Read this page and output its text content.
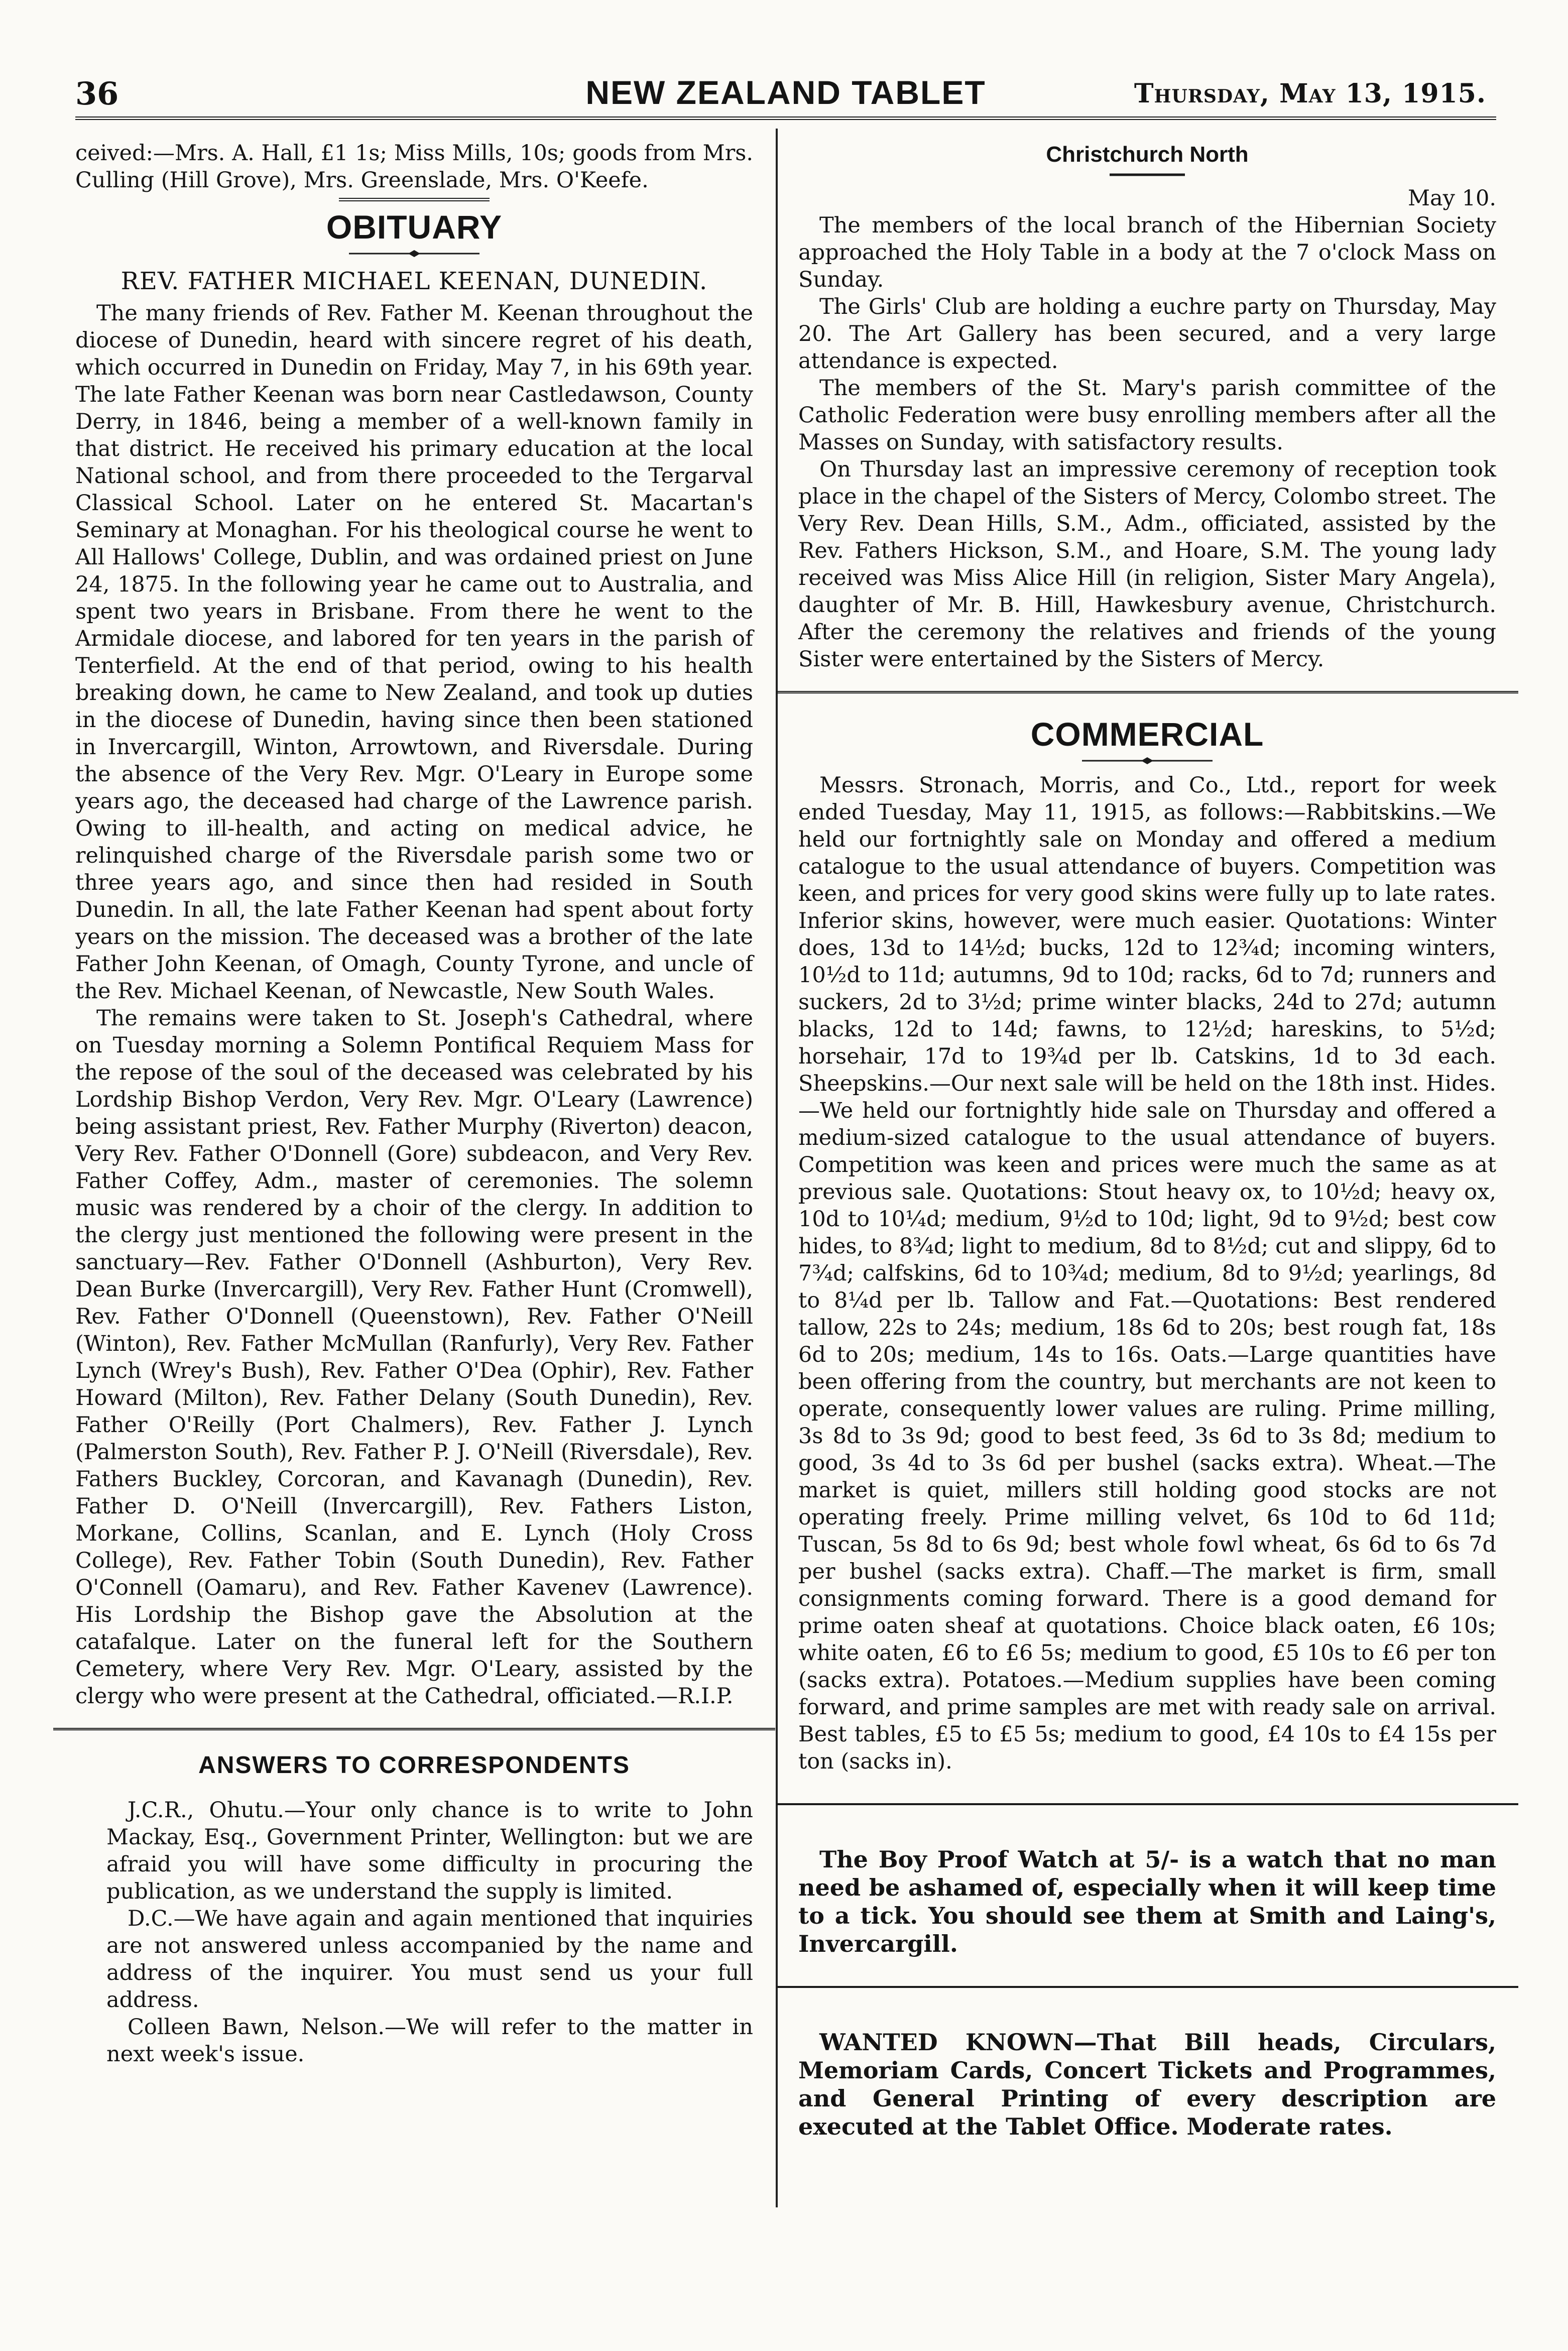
36	NEW ZEALAND TABLET	Thursday, May 13, 1915.

ceived:—Mrs. A. Hall, £1 1s; Miss Mills, 10s; goods from Mrs. Culling (Hill Grove), Mrs. Greenslade, Mrs. O'Keefe.

OBITUARY
REV. FATHER MICHAEL KEENAN, DUNEDIN.

The many friends of Rev. Father M. Keenan throughout the diocese of Dunedin, heard with sincere regret of his death, which occurred in Dunedin on Friday, May 7, in his 69th year. The late Father Keenan was born near Castledawson, County Derry, in 1846, being a member of a well-known family in that district. He received his primary education at the local National school, and from there proceeded to the Tergarval Classical School. Later on he entered St. Macartan's Seminary at Monaghan. For his theological course he went to All Hallows' College, Dublin, and was ordained priest on June 24, 1875. In the following year he came out to Australia, and spent two years in Brisbane. From there he went to the Armidale diocese, and labored for ten years in the parish of Tenterfield. At the end of that period, owing to his health breaking down, he came to New Zealand, and took up duties in the diocese of Dunedin, having since then been stationed in Invercargill, Winton, Arrowtown, and Riversdale. During the absence of the Very Rev. Mgr. O'Leary in Europe some years ago, the deceased had charge of the Lawrence parish. Owing to ill-health, and acting on medical advice, he relinquished charge of the Riversdale parish some two or three years ago, and since then had resided in South Dunedin. In all, the late Father Keenan had spent about forty years on the mission. The deceased was a brother of the late Father John Keenan, of Omagh, County Tyrone, and uncle of the Rev. Michael Keenan, of Newcastle, New South Wales.

The remains were taken to St. Joseph's Cathedral, where on Tuesday morning a Solemn Pontifical Requiem Mass for the repose of the soul of the deceased was celebrated by his Lordship Bishop Verdon, Very Rev. Mgr. O'Leary (Lawrence) being assistant priest, Rev. Father Murphy (Riverton) deacon, Very Rev. Father O'Donnell (Gore) subdeacon, and Very Rev. Father Coffey, Adm., master of ceremonies. The solemn music was rendered by a choir of the clergy. In addition to the clergy just mentioned the following were present in the sanctuary—Rev. Father O'Donnell (Ashburton), Very Rev. Dean Burke (Invercargill), Very Rev. Father Hunt (Cromwell), Rev. Father O'Donnell (Queenstown), Rev. Father O'Neill (Winton), Rev. Father McMullan (Ranfurly), Very Rev. Father Lynch (Wrey's Bush), Rev. Father O'Dea (Ophir), Rev. Father Howard (Milton), Rev. Father Delany (South Dunedin), Rev. Father O'Reilly (Port Chalmers), Rev. Father J. Lynch (Palmerston South), Rev. Father P. J. O'Neill (Riversdale), Rev. Fathers Buckley, Corcoran, and Kavanagh (Dunedin), Rev. Father D. O'Neill (Invercargill), Rev. Fathers Liston, Morkane, Collins, Scanlan, and E. Lynch (Holy Cross College), Rev. Father Tobin (South Dunedin), Rev. Father O'Connell (Oamaru), and Rev. Father Kavenev (Lawrence). His Lordship the Bishop gave the Absolution at the catafalque. Later on the funeral left for the Southern Cemetery, where Very Rev. Mgr. O'Leary, assisted by the clergy who were present at the Cathedral, officiated.—R.I.P.

ANSWERS TO CORRESPONDENTS

J.C.R., Ohutu.—Your only chance is to write to John Mackay, Esq., Government Printer, Wellington: but we are afraid you will have some difficulty in procuring the publication, as we understand the supply is limited.

D.C.—We have again and again mentioned that inquiries are not answered unless accompanied by the name and address of the inquirer. You must send us your full address.

Colleen Bawn, Nelson.—We will refer to the matter in next week's issue.

Christchurch North

May 10.

The members of the local branch of the Hibernian Society approached the Holy Table in a body at the 7 o'clock Mass on Sunday.

The Girls' Club are holding a euchre party on Thursday, May 20. The Art Gallery has been secured, and a very large attendance is expected.

The members of the St. Mary's parish committee of the Catholic Federation were busy enrolling members after all the Masses on Sunday, with satisfactory results.

On Thursday last an impressive ceremony of reception took place in the chapel of the Sisters of Mercy, Colombo street. The Very Rev. Dean Hills, S.M., Adm., officiated, assisted by the Rev. Fathers Hickson, S.M., and Hoare, S.M. The young lady received was Miss Alice Hill (in religion, Sister Mary Angela), daughter of Mr. B. Hill, Hawkesbury avenue, Christchurch. After the ceremony the relatives and friends of the young Sister were entertained by the Sisters of Mercy.

COMMERCIAL

Messrs. Stronach, Morris, and Co., Ltd., report for week ended Tuesday, May 11, 1915, as follows:—Rabbitskins.—We held our fortnightly sale on Monday and offered a medium catalogue to the usual attendance of buyers. Competition was keen, and prices for very good skins were fully up to late rates. Inferior skins, however, were much easier. Quotations: Winter does, 13d to 14½d; bucks, 12d to 12¾d; incoming winters, 10½d to 11d; autumns, 9d to 10d; racks, 6d to 7d; runners and suckers, 2d to 3½d; prime winter blacks, 24d to 27d; autumn blacks, 12d to 14d; fawns, to 12½d; hareskins, to 5½d; horsehair, 17d to 19¾d per lb. Catskins, 1d to 3d each. Sheepskins.—Our next sale will be held on the 18th inst. Hides.—We held our fortnightly hide sale on Thursday and offered a medium-sized catalogue to the usual attendance of buyers. Competition was keen and prices were much the same as at previous sale. Quotations: Stout heavy ox, to 10½d; heavy ox, 10d to 10¼d; medium, 9½d to 10d; light, 9d to 9½d; best cow hides, to 8¾d; light to medium, 8d to 8½d; cut and slippy, 6d to 7¾d; calfskins, 6d to 10¾d; medium, 8d to 9½d; yearlings, 8d to 8¼d per lb. Tallow and Fat.—Quotations: Best rendered tallow, 22s to 24s; medium, 18s 6d to 20s; best rough fat, 18s 6d to 20s; medium, 14s to 16s. Oats.—Large quantities have been offering from the country, but merchants are not keen to operate, consequently lower values are ruling. Prime milling, 3s 8d to 3s 9d; good to best feed, 3s 6d to 3s 8d; medium to good, 3s 4d to 3s 6d per bushel (sacks extra). Wheat.—The market is quiet, millers still holding good stocks are not operating freely. Prime milling velvet, 6s 10d to 6d 11d; Tuscan, 5s 8d to 6s 9d; best whole fowl wheat, 6s 6d to 6s 7d per bushel (sacks extra). Chaff.—The market is firm, small consignments coming forward. There is a good demand for prime oaten sheaf at quotations. Choice black oaten, £6 10s; white oaten, £6 to £6 5s; medium to good, £5 10s to £6 per ton (sacks extra). Potatoes.—Medium supplies have been coming forward, and prime samples are met with ready sale on arrival. Best tables, £5 to £5 5s; medium to good, £4 10s to £4 15s per ton (sacks in).

The Boy Proof Watch at 5/- is a watch that no man need be ashamed of, especially when it will keep time to a tick. You should see them at Smith and Laing's, Invercargill.

WANTED KNOWN—That Bill heads, Circulars, Memoriam Cards, Concert Tickets and Programmes, and General Printing of every description are executed at the Tablet Office. Moderate rates.
